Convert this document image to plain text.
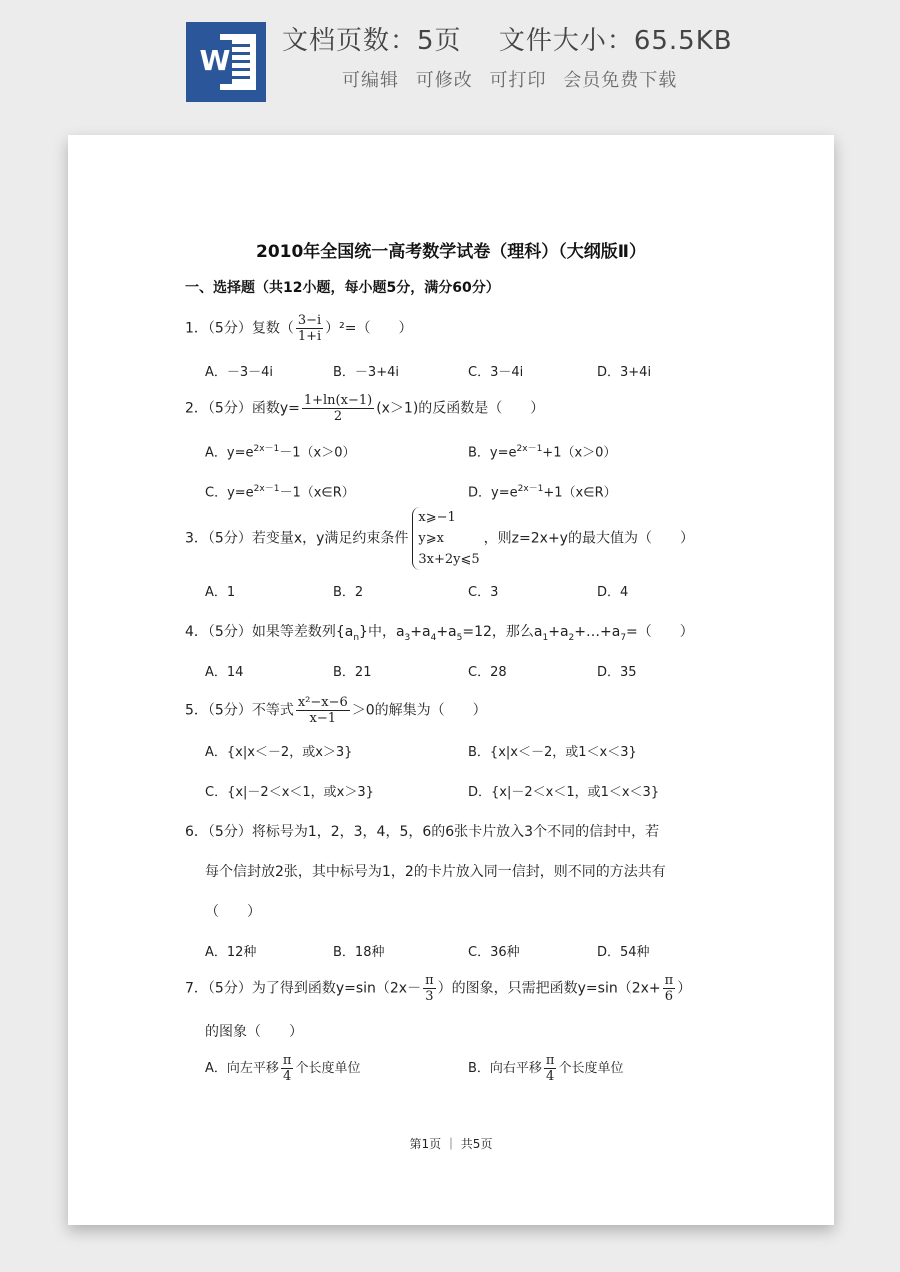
W
文档页数：5页 文件大小：65.5KB
可编辑 可修改 可打印 会员免费下载
2010年全国统一高考数学试卷（理科）（大纲版Ⅱ）
一、选择题（共12小题，每小题5分，满分60分）
1．（5分）复数（ $\frac{3-i}{1+i} )^2=$（　　）
A．－3－4i	B．－3+4i	C．3－4i	D．3+4i
2．（5分）函数$y= \frac{1+\ln(x-1)}{2} (x>1)$的反函数是（　　）
A．$y=e^{2x-1}-1(x>0)$	B．$y=e^{2x-1}+1(x>0)$
C．$y=e^{2x-1}-1(x\in R)$	D．$y=e^{2x-1}+1(x\in R)$
3．（5分）若变量x，y满足约束条件
x⩾−1
y⩾x
3x+2y⩽5
，则z=2x+y的最大值为（　　）
A．1	B．2	C．3	D．4
4．（5分）如果等差数列$\{a_n\}$中，$a_3+a_4+a_5=12$，那么$a_1+a_2+\dots+a_7=$（　　）
A．14	B．21	C．28	D．35
5．（5分）不等式 $\frac{\text{x²−x−6}}{x-1} >0$的解集为（　　）
A．{x|x＜－2，或x＞3}	B．{x|x＜－2，或1＜x＜3}
C．{x|－2＜x＜1，或x＞3}	D．{x|－2＜x＜1，或1＜x＜3}
6．（5分）将标号为1，2，3，4，5，6的6张卡片放入3个不同的信封中，若
每个信封放2张，其中标号为1，2的卡片放入同一信封，则不同的方法共有
（　　）
A．12种	B．18种	C．36种	D．54种
7．（5分）为了得到函数$y=\sin(2x- \frac{\pi}{3}$ ）的图象，只需把函数$y=\sin(2x+ \frac{\pi}{6}$ ）
的图象（　　）
A．向左平移 $\frac{\pi}{4}$ 个长度单位	B．向右平移 $\frac{\pi}{4}$ 个长度单位
第1页 ｜ 共5页
